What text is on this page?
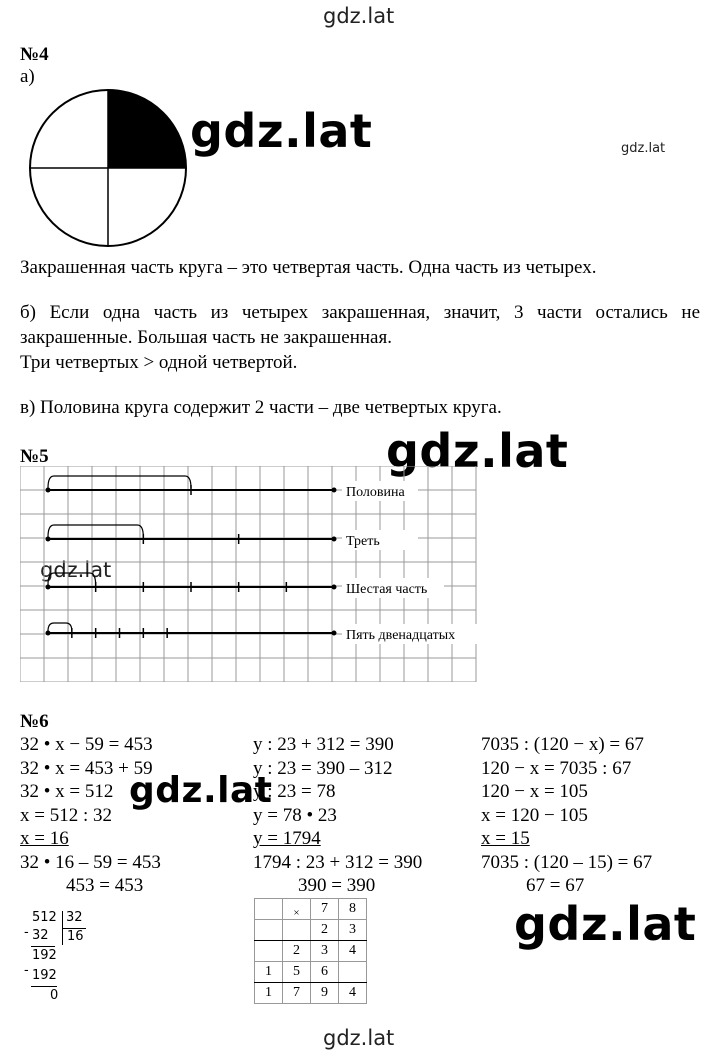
gdz.lat
gdz.lat	gdz.lat
gdz.lat
gdz.lat
gdz.lat
gdz.lat
gdz.lat
№4
а)
Закрашенная часть круга – это четвертая часть. Одна часть из четырех.
б) Если одна часть из четырех закрашенная, значит, 3 части остались не
закрашенные. Большая часть не закрашенная.
Три четвертых > одной четвертой.
в) Половина круга содержит 2 части – две четвертых круга.
№5
Половина
Треть
Шестая часть
Пять двенадцатых
№6
32 • x − 59 = 453
32 • x = 453 + 59
32 • x = 512
x = 512 : 32
x = 16
32 • 16 – 59 = 453
453 = 453
y : 23 + 312 = 390
y : 23 = 390 – 312
y : 23 = 78
y = 78 • 23
y = 1794
1794 : 23 + 312 = 390
390 = 390
7035 : (120 − x) = 67
120 − x = 7035 : 67
120 − x = 105
x = 120 − 105
x = 15
7035 : (120 – 15) = 67
67 = 67
512 32
16
- 32
192
- 192
0
	×	7	8
		2	3
	2	3	4
1	5	6	
1	7	9	4
